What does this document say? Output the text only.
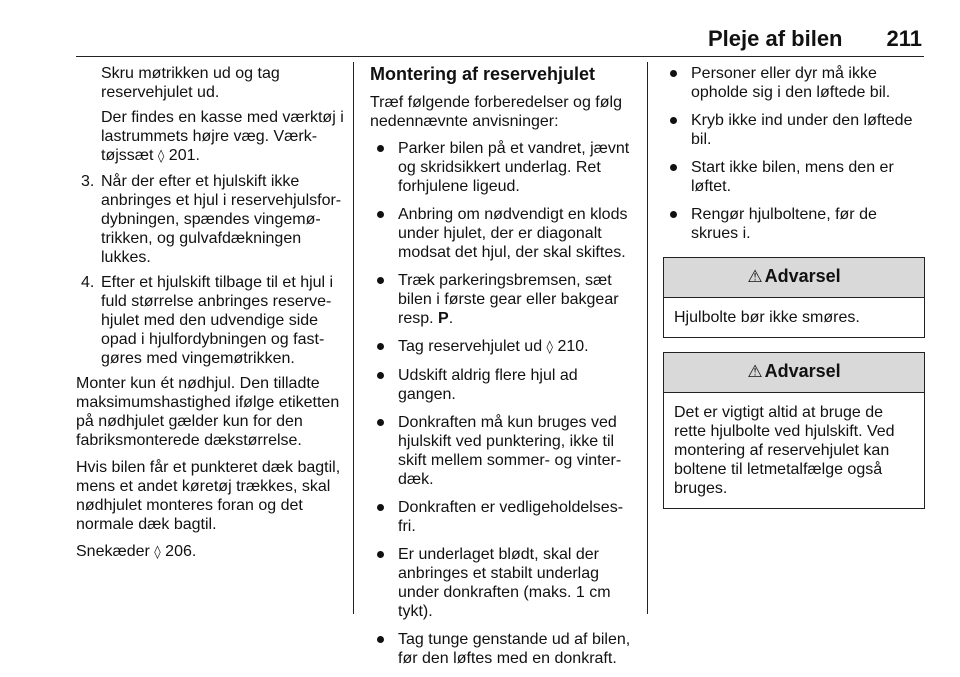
Pleje af bilen 211

Skru møtrikken ud og tag reservehjulet ud.

Der findes en kasse med værktøj i lastrummets højre væg. Værktøjssæt ◊ 201.

3. Når der efter et hjulskift ikke anbringes et hjul i reservehjulsfordybningen, spændes vingemøtrikken, og gulvafdækningen lukkes.
4. Efter et hjulskift tilbage til et hjul i fuld størrelse anbringes reservehjulet med den udvendige side opad i hjulfordybningen og fastgøres med vingemøtrikken.

Monter kun ét nødhjul. Den tilladte maksimumshastighed ifølge etiketten på nødhjulet gælder kun for den fabriksmonterede dækstørrelse.

Hvis bilen får et punkteret dæk bagtil, mens et andet køretøj trækkes, skal nødhjulet monteres foran og det normale dæk bagtil.

Snekæder ◊ 206.

Montering af reservehjulet

Træf følgende forberedelser og følg nedennævnte anvisninger:

Parker bilen på et vandret, jævnt og skridsikkert underlag. Ret forhjulene ligeud.
Anbring om nødvendigt en klods under hjulet, der er diagonalt modsat det hjul, der skal skiftes.
Træk parkeringsbremsen, sæt bilen i første gear eller bakgear resp. P.
Tag reservehjulet ud ◊ 210.
Udskift aldrig flere hjul ad gangen.
Donkraften må kun bruges ved hjulskift ved punktering, ikke til skift mellem sommer- og vinterdæk.
Donkraften er vedligeholdelsesfri.
Er underlaget blødt, skal der anbringes et stabilt underlag under donkraften (maks. 1 cm tykt).
Tag tunge genstande ud af bilen, før den løftes med en donkraft.
Personer eller dyr må ikke opholde sig i den løftede bil.
Kryb ikke ind under den løftede bil.
Start ikke bilen, mens den er løftet.
Rengør hjulboltene, før de skrues i.
⚠ Advarsel
Hjulbolte bør ikke smøres.
⚠ Advarsel
Det er vigtigt altid at bruge de rette hjulbolte ved hjulskift. Ved montering af reservehjulet kan boltene til letmetalfælge også bruges.
